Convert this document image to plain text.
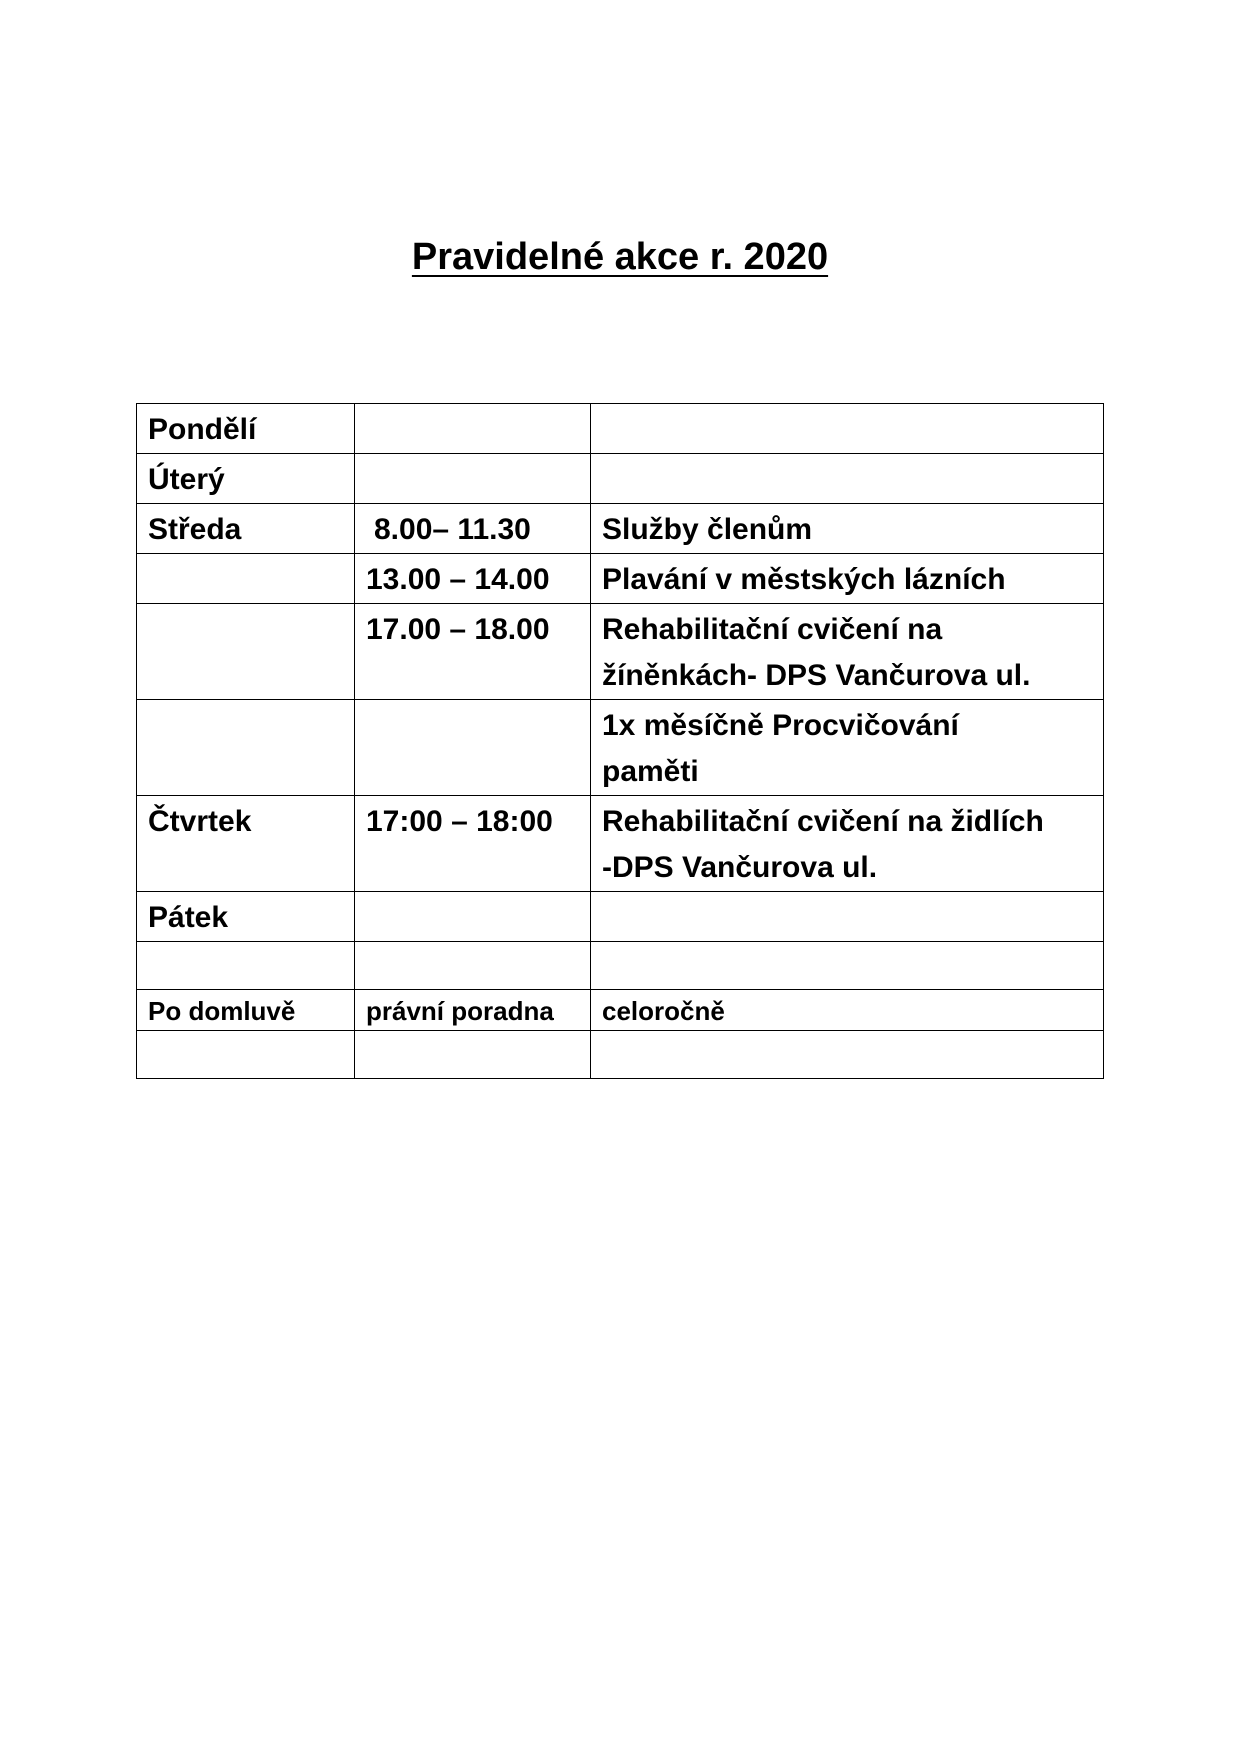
Pravidelné akce r. 2020
Pondělí		
Úterý		
Středa	8.00– 11.30	Služby členům
	13.00 – 14.00	Plavání v městských lázních
	17.00 – 18.00	Rehabilitační cvičení na
žíněnkách- DPS Vančurova ul.
		1x měsíčně Procvičování
paměti
Čtvrtek	17:00 – 18:00	Rehabilitační cvičení na židlích
-DPS Vančurova ul.
Pátek		

Po domluvě	právní poradna	celoročně
